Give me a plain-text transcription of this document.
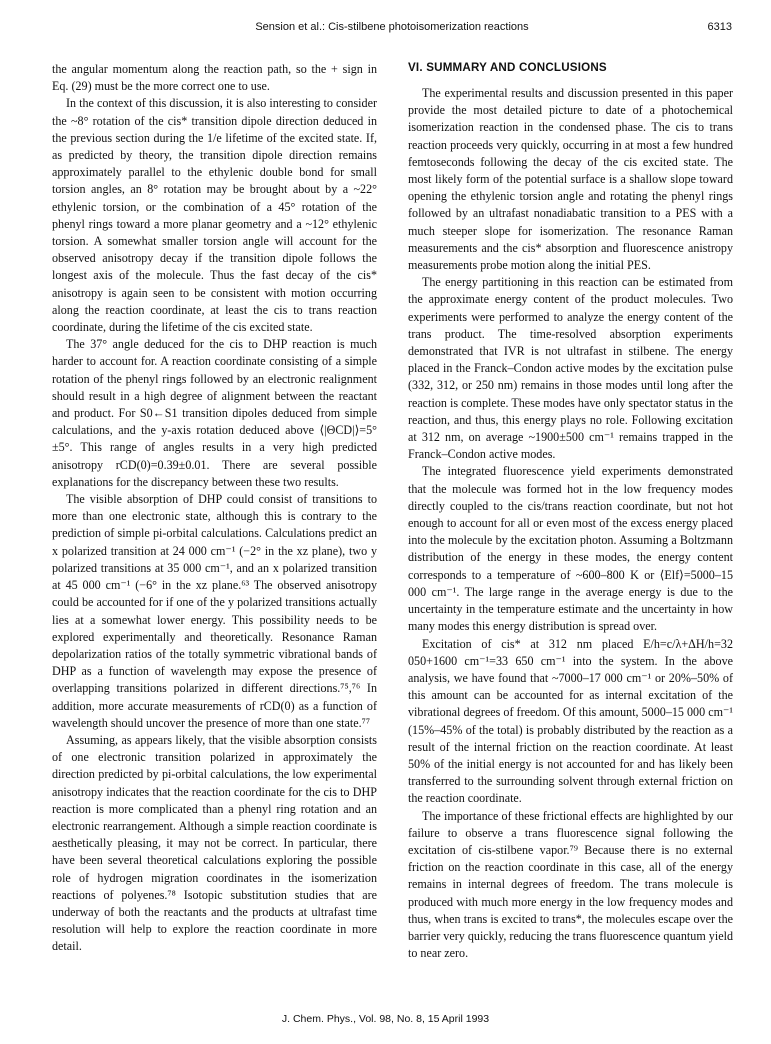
Sension et al.: Cis-stilbene photoisomerization reactions	6313

the angular momentum along the reaction path, so the + sign in Eq. (29) must be the more correct one to use.

In the context of this discussion, it is also interesting to consider the ~8° rotation of the cis* transition dipole direction deduced in the previous section during the 1/e lifetime of the excited state. If, as predicted by theory, the transition dipole direction remains approximately parallel to the ethylenic double bond for small torsion angles, an 8° rotation may be brought about by a ~22° ethylenic torsion, or the combination of a 45° rotation of the phenyl rings toward a more planar geometry and a ~12° ethylenic torsion. A somewhat smaller torsion angle will account for the observed anisotropy decay if the transition dipole follows the longest axis of the molecule. Thus the fast decay of the cis* anisotropy is again seen to be consistent with motion occurring along the reaction coordinate, at least the cis to trans reaction coordinate, during the lifetime of the cis excited state.

The 37° angle deduced for the cis to DHP reaction is much harder to account for. A reaction coordinate consisting of a simple rotation of the phenyl rings followed by an electronic realignment should result in a high degree of alignment between the reactant and product. For S0←S1 transition dipoles deduced from simple calculations, and the y-axis rotation deduced above ⟨|ΘCD|⟩=5°±5°. This range of angles results in a very high predicted anisotropy rCD(0)=0.39±0.01. There are several possible explanations for the discrepancy between these two results.

The visible absorption of DHP could consist of transitions to more than one electronic state, although this is contrary to the prediction of simple pi-orbital calculations. Calculations predict an x polarized transition at 24 000 cm⁻¹ (−2° in the xz plane), two y polarized transitions at 35 000 cm⁻¹, and an x polarized transition at 45 000 cm⁻¹ (−6° in the xz plane.⁶³ The observed anisotropy could be accounted for if one of the y polarized transitions actually lies at a somewhat lower energy. This possibility needs to be explored experimentally and theoretically. Resonance Raman depolarization ratios of the totally symmetric vibrational bands of DHP as a function of wavelength may expose the presence of overlapping transitions polarized in different directions.⁷⁵,⁷⁶ In addition, more accurate measurements of rCD(0) as a function of wavelength should uncover the presence of more than one state.⁷⁷

Assuming, as appears likely, that the visible absorption consists of one electronic transition polarized in approximately the direction predicted by pi-orbital calculations, the low experimental anisotropy indicates that the reaction coordinate for the cis to DHP reaction is more complicated than a phenyl ring rotation and an electronic rearrangement. Although a simple reaction coordinate is aesthetically pleasing, it may not be correct. In particular, there have been several theoretical calculations exploring the possible role of hydrogen migration coordinates in the isomerization reactions of polyenes.⁷⁸ Isotopic substitution studies that are underway of both the reactants and the products at ultrafast time resolution will help to explore the reaction coordinate in more detail.

VI. SUMMARY AND CONCLUSIONS

The experimental results and discussion presented in this paper provide the most detailed picture to date of a photochemical isomerization reaction in the condensed phase. The cis to trans reaction proceeds very quickly, occurring in at most a few hundred femtoseconds following the decay of the cis excited state. The most likely form of the potential surface is a shallow slope toward opening the ethylenic torsion angle and rotating the phenyl rings followed by an ultrafast nonadiabatic transition to a PES with a much steeper slope for isomerization. The resonance Raman measurements and the cis* absorption and fluorescence anistropy measurements probe motion along the initial PES.

The energy partitioning in this reaction can be estimated from the approximate energy content of the product molecules. Two experiments were performed to analyze the energy content of the trans product. The time-resolved absorption experiments demonstrated that IVR is not ultrafast in stilbene. The energy placed in the Franck–Condon active modes by the excitation pulse (332, 312, or 250 nm) remains in those modes until long after the reaction is complete. These modes have only spectator status in the reaction, and thus, this energy plays no role. Following excitation at 312 nm, on average ~1900±500 cm⁻¹ remains trapped in the Franck–Condon active modes.

The integrated fluorescence yield experiments demonstrated that the molecule was formed hot in the low frequency modes directly coupled to the cis/trans reaction coordinate, but not hot enough to account for all or even most of the excess energy placed into the molecule by the excitation photon. Assuming a Boltzmann distribution of the energy in these modes, the energy content corresponds to a temperature of ~600–800 K or ⟨Elf⟩=5000–15 000 cm⁻¹. The large range in the average energy is due to the uncertainty in the temperature estimate and the uncertainty in how many modes this energy distribution is spread over.

Excitation of cis* at 312 nm placed E/h=c/λ+ΔH/h=32 050+1600 cm⁻¹=33 650 cm⁻¹ into the system. In the above analysis, we have found that ~7000–17 000 cm⁻¹ or 20%–50% of this amount can be accounted for as internal excitation of the vibrational degrees of freedom. Of this amount, 5000–15 000 cm⁻¹ (15%–45% of the total) is probably distributed by the reaction as a result of the internal friction on the reaction coordinate. At least 50% of the initial energy is not accounted for and has likely been transferred to the surrounding solvent through external friction on the reaction coordinate.

The importance of these frictional effects are highlighted by our failure to observe a trans fluorescence signal following the excitation of cis-stilbene vapor.⁷⁹ Because there is no external friction on the reaction coordinate in this case, all of the energy remains in internal degrees of freedom. The trans molecule is produced with much more energy in the low frequency modes and thus, when trans is excited to trans*, the molecules escape over the barrier very quickly, reducing the trans fluorescence quantum yield to near zero.

J. Chem. Phys., Vol. 98, No. 8, 15 April 1993
